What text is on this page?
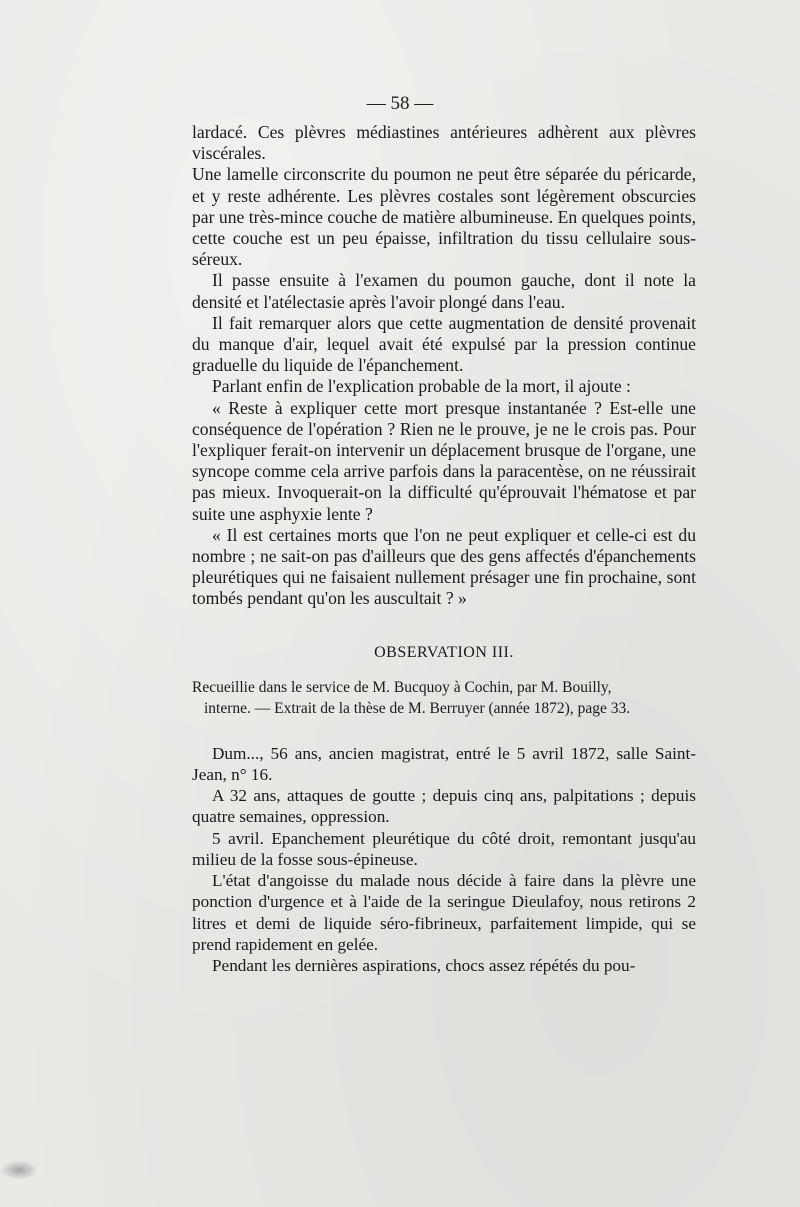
— 58 —

lardacé. Ces plèvres médiastines antérieures adhèrent aux plèvres viscérales.

Une lamelle circonscrite du poumon ne peut être séparée du péricarde, et y reste adhérente. Les plèvres costales sont légèrement obscurcies par une très-mince couche de matière albumineuse. En quelques points, cette couche est un peu épaisse, infiltration du tissu cellulaire sous-séreux.

Il passe ensuite à l'examen du poumon gauche, dont il note la densité et l'atélectasie après l'avoir plongé dans l'eau.

Il fait remarquer alors que cette augmentation de densité provenait du manque d'air, lequel avait été expulsé par la pression continue graduelle du liquide de l'épanchement.

Parlant enfin de l'explication probable de la mort, il ajoute :

« Reste à expliquer cette mort presque instantanée ? Est-elle une conséquence de l'opération ? Rien ne le prouve, je ne le crois pas. Pour l'expliquer ferait-on intervenir un déplacement brusque de l'organe, une syncope comme cela arrive parfois dans la paracentèse, on ne réussirait pas mieux. Invoquerait-on la difficulté qu'éprouvait l'hématose et par suite une asphyxie lente ?

« Il est certaines morts que l'on ne peut expliquer et celle-ci est du nombre ; ne sait-on pas d'ailleurs que des gens affectés d'épanchements pleurétiques qui ne faisaient nullement présager une fin prochaine, sont tombés pendant qu'on les auscultait ? »

OBSERVATION III.
Recueillie dans le service de M. Bucquoy à Cochin, par M. Bouilly,
interne. — Extrait de la thèse de M. Berruyer (année 1872), page 33.

Dum..., 56 ans, ancien magistrat, entré le 5 avril 1872, salle Saint-Jean, n° 16.

A 32 ans, attaques de goutte ; depuis cinq ans, palpitations ; depuis quatre semaines, oppression.

5 avril. Epanchement pleurétique du côté droit, remontant jusqu'au milieu de la fosse sous-épineuse.

L'état d'angoisse du malade nous décide à faire dans la plèvre une ponction d'urgence et à l'aide de la seringue Dieulafoy, nous retirons 2 litres et demi de liquide séro-fibrineux, parfaitement limpide, qui se prend rapidement en gelée.

Pendant les dernières aspirations, chocs assez répétés du pou-
